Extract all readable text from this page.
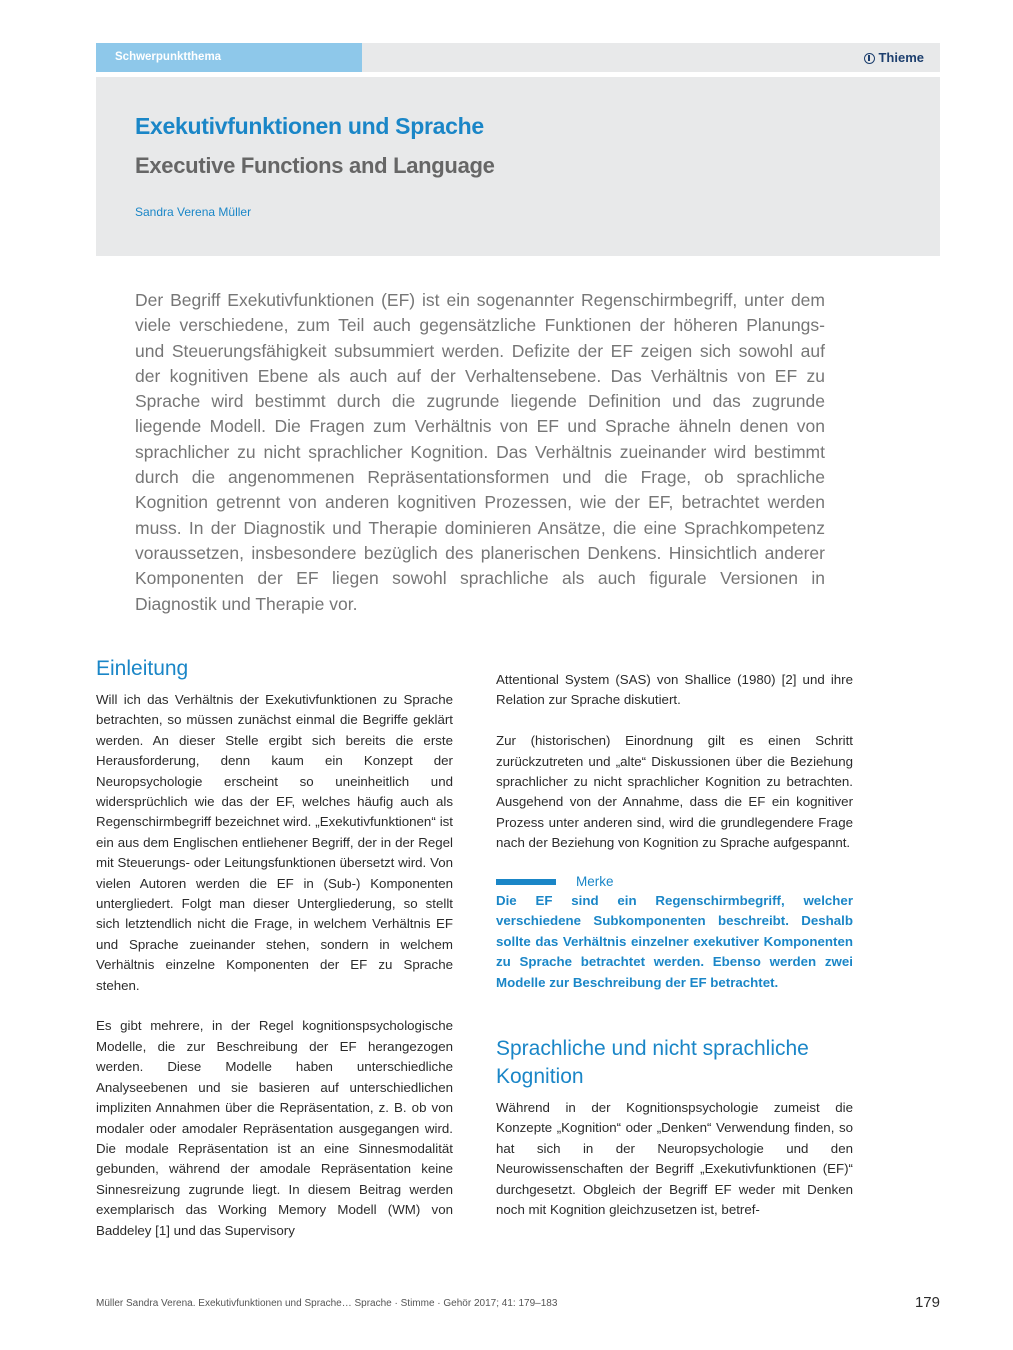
Schwerpunktthema	Thieme
Exekutivfunktionen und Sprache
Executive Functions and Language
Sandra Verena Müller

Der Begriff Exekutivfunktionen (EF) ist ein sogenannter Regenschirmbegriff, unter dem viele verschiedene, zum Teil auch gegensätzliche Funktionen der höheren Planungs- und Steuerungsfähigkeit subsummiert werden. Defizite der EF zeigen sich sowohl auf der kognitiven Ebene als auch auf der Verhaltensebene. Das Verhältnis von EF zu Sprache wird bestimmt durch die zugrunde liegende Definition und das zugrunde liegende Modell. Die Fragen zum Verhältnis von EF und Sprache ähneln denen von sprachlicher zu nicht sprachlicher Kognition. Das Verhältnis zueinander wird bestimmt durch die angenommenen Repräsentationsformen und die Frage, ob sprachliche Kognition getrennt von anderen kognitiven Prozessen, wie der EF, betrachtet werden muss. In der Diagnostik und Therapie dominieren Ansätze, die eine Sprachkompetenz voraussetzen, insbesondere bezüglich des planerischen Denkens. Hinsichtlich anderer Komponenten der EF liegen sowohl sprachliche als auch figurale Versionen in Diagnostik und Therapie vor.

Einleitung

Will ich das Verhältnis der Exekutivfunktionen zu Sprache betrachten, so müssen zunächst einmal die Begriffe geklärt werden. An dieser Stelle ergibt sich bereits die erste Herausforderung, denn kaum ein Konzept der Neuropsychologie erscheint so uneinheitlich und widersprüchlich wie das der EF, welches häufig auch als Regenschirmbegriff bezeichnet wird. „Exekutivfunktionen“ ist ein aus dem Englischen entliehener Begriff, der in der Regel mit Steuerungs- oder Leitungsfunktionen übersetzt wird. Von vielen Autoren werden die EF in (Sub-) Komponenten untergliedert. Folgt man dieser Untergliederung, so stellt sich letztendlich nicht die Frage, in welchem Verhältnis EF und Sprache zueinander stehen, sondern in welchem Verhältnis einzelne Komponenten der EF zu Sprache stehen.

Es gibt mehrere, in der Regel kognitionspsychologische Modelle, die zur Beschreibung der EF herangezogen werden. Diese Modelle haben unterschiedliche Analyseebenen und sie basieren auf unterschiedlichen impliziten Annahmen über die Repräsentation, z. B. ob von modaler oder amodaler Repräsentation ausgegangen wird. Die modale Repräsentation ist an eine Sinnesmodalität gebunden, während der amodale Repräsentation keine Sinnesreizung zugrunde liegt. In diesem Beitrag werden exemplarisch das Working Memory Modell (WM) von Baddeley [1] und das Supervisory

Attentional System (SAS) von Shallice (1980) [2] und ihre Relation zur Sprache diskutiert.

Zur (historischen) Einordnung gilt es einen Schritt zurückzutreten und „alte“ Diskussionen über die Beziehung sprachlicher zu nicht sprachlicher Kognition zu betrachten. Ausgehend von der Annahme, dass die EF ein kognitiver Prozess unter anderen sind, wird die grundlegendere Frage nach der Beziehung von Kognition zu Sprache aufgespannt.

Merke

Die EF sind ein Regenschirmbegriff, welcher verschiedene Subkomponenten beschreibt. Deshalb sollte das Verhältnis einzelner exekutiver Komponenten zu Sprache betrachtet werden. Ebenso werden zwei Modelle zur Beschreibung der EF betrachtet.

Sprachliche und nicht sprachliche Kognition

Während in der Kognitionspsychologie zumeist die Konzepte „Kognition“ oder „Denken“ Verwendung finden, so hat sich in der Neuropsychologie und den Neurowissenschaften der Begriff „Exekutivfunktionen (EF)“ durchgesetzt. Obgleich der Begriff EF weder mit Denken noch mit Kognition gleichzusetzen ist, betref-

Müller Sandra Verena. Exekutivfunktionen und Sprache… Sprache · Stimme · Gehör 2017; 41: 179–183	179
